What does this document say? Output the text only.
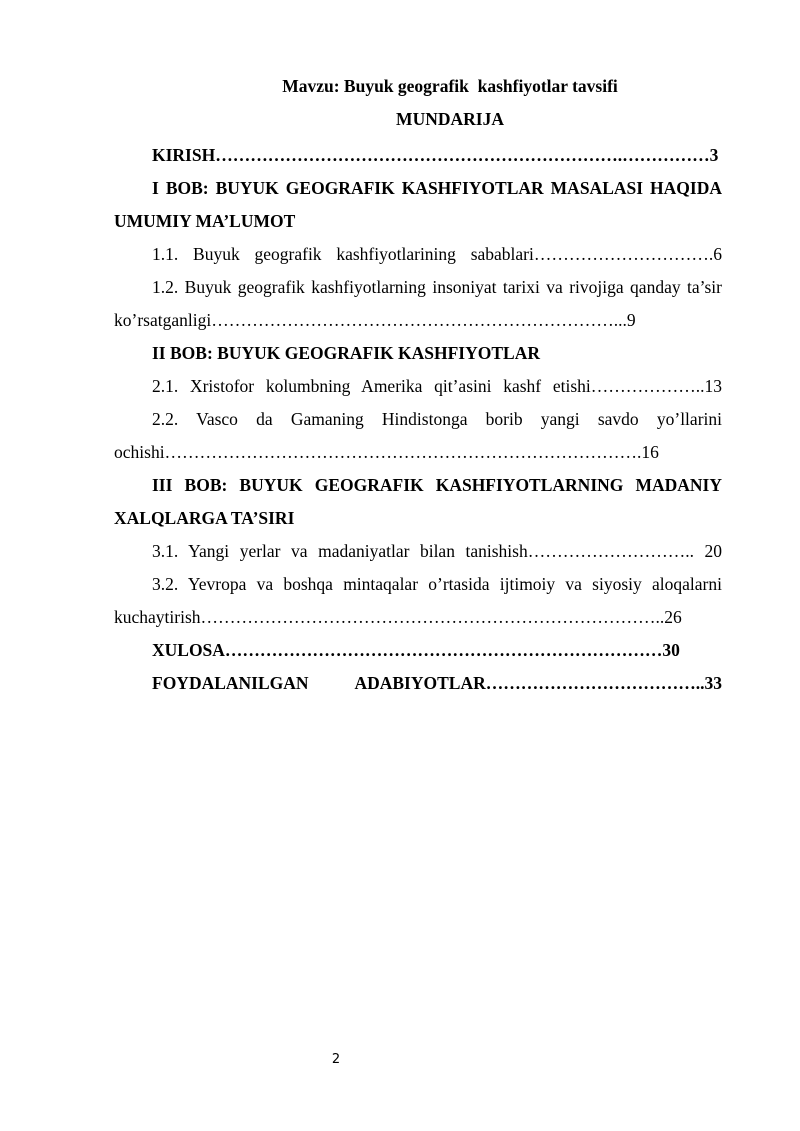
Mavzu: Buyuk geografik  kashfiyotlar tavsifi
MUNDARIJA

KIRISH…………………………………………………………….……………3

I BOB: BUYUK GEOGRAFIK KASHFIYOTLAR MASALASI HAQIDA UMUMIY MA’LUMOT

1.1. Buyuk geografik kashfiyotlarining sabablari………………………….6

1.2. Buyuk geografik kashfiyotlarning insoniyat tarixi va rivojiga qanday ta’sir ko’rsatganligi……………………………………………………………...9

II BOB: BUYUK GEOGRAFIK KASHFIYOTLAR

2.1. Xristofor kolumbning Amerika qit’asini kashf etishi………………..13

2.2. Vasco da Gamaning Hindistonga borib yangi savdo yo’llarini ochishi……………………………………………………………………….16

III BOB: BUYUK GEOGRAFIK KASHFIYOTLARNING MADANIY XALQLARGA TA’SIRI

3.1. Yangi yerlar va madaniyatlar bilan tanishish……………………….. 20

3.2. Yevropa va boshqa mintaqalar o’rtasida ijtimoiy va siyosiy aloqalarni kuchaytirish……………………………………………………………………..26

XULOSA…………………………………………………………………30

FOYDALANILGAN ADABIYOTLAR………………………………..33

2
